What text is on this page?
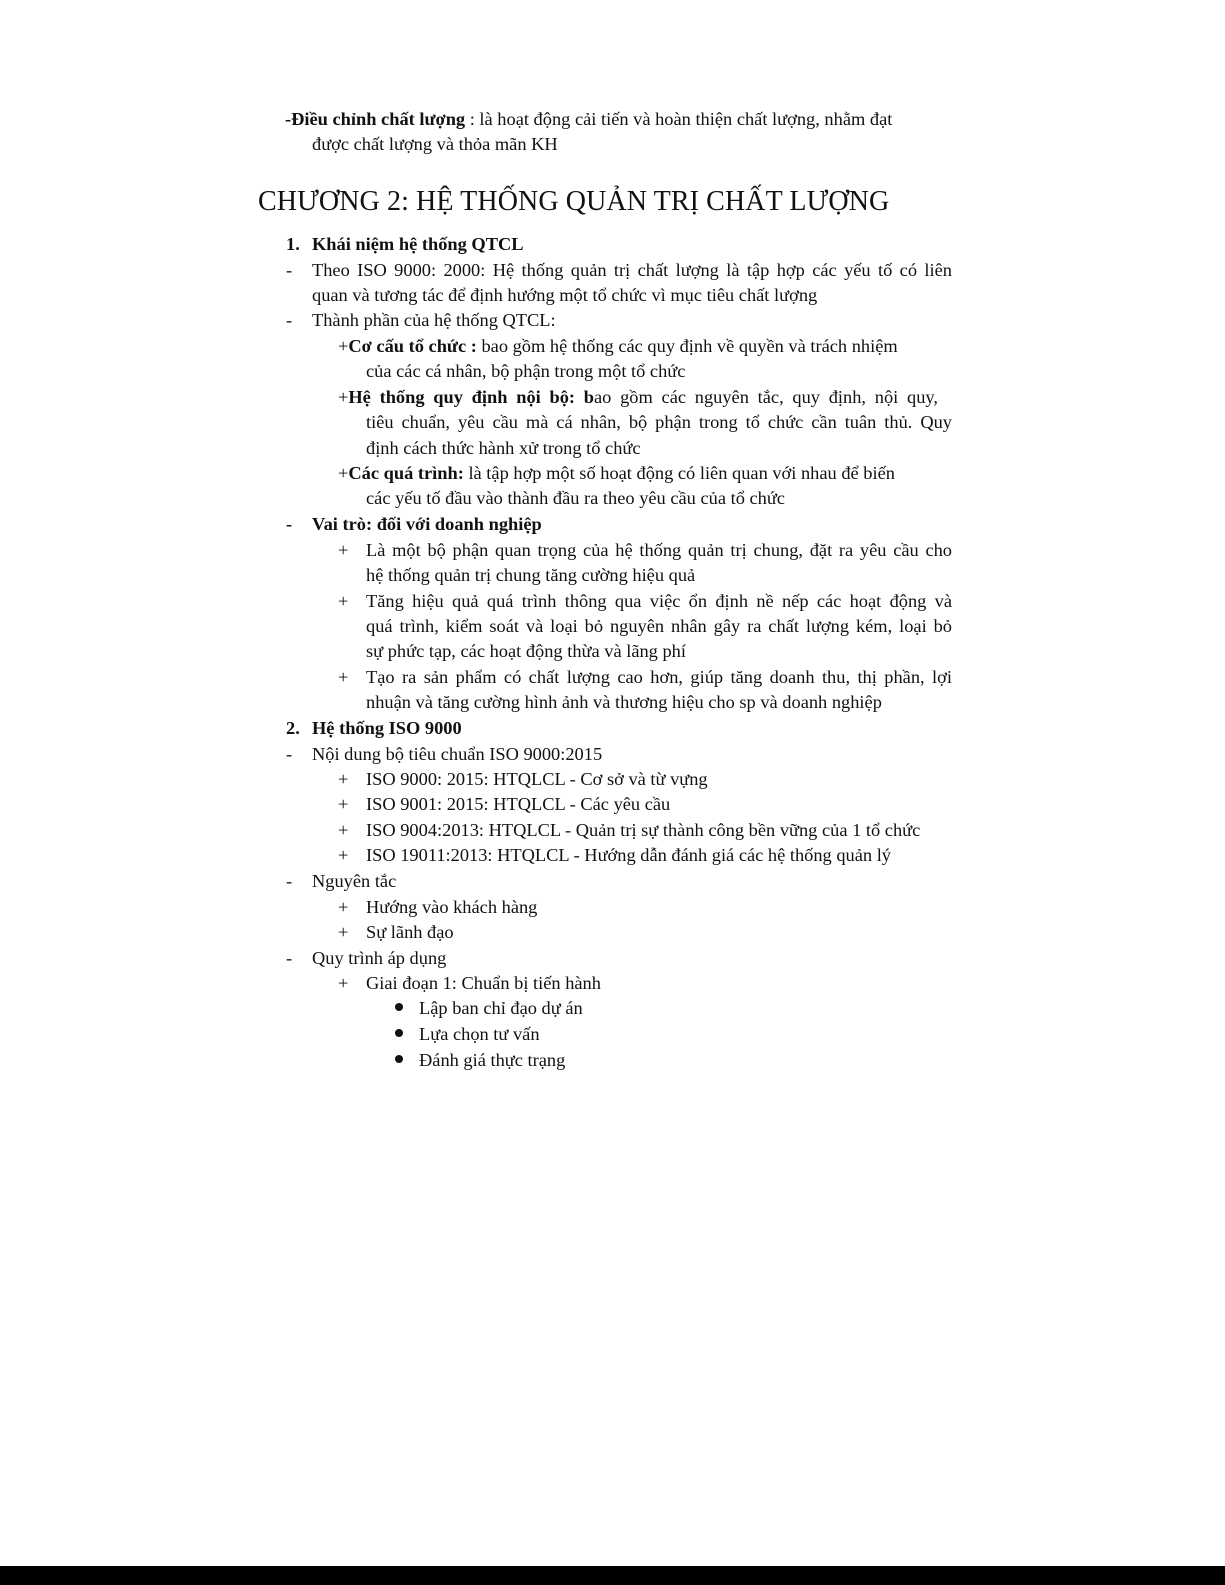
-Điều chỉnh chất lượng : là hoạt động cải tiến và hoàn thiện chất lượng, nhằm đạt
được chất lượng và thỏa mãn KH
CHƯƠNG 2: HỆ THỐNG QUẢN TRỊ CHẤT LƯỢNG
1. Khái niệm hệ thống QTCL
- Theo ISO 9000: 2000: Hệ thống quản trị chất lượng là tập hợp các yếu tố có liên
quan và tương tác để định hướng một tổ chức vì mục tiêu chất lượng
- Thành phần của hệ thống QTCL:
+Cơ cấu tổ chức : bao gồm hệ thống các quy định về quyền và trách nhiệm
của các cá nhân, bộ phận trong một tổ chức
+Hệ thống quy định nội bộ: bao gồm các nguyên tắc, quy định, nội quy,
tiêu chuẩn, yêu cầu mà cá nhân, bộ phận trong tổ chức cần tuân thủ. Quy
định cách thức hành xử trong tổ chức
+Các quá trình: là tập hợp một số hoạt động có liên quan với nhau để biến
các yếu tố đầu vào thành đầu ra theo yêu cầu của tổ chức
- Vai trò: đối với doanh nghiệp
+ Là một bộ phận quan trọng của hệ thống quản trị chung, đặt ra yêu cầu cho
hệ thống quản trị chung tăng cường hiệu quả
+ Tăng hiệu quả quá trình thông qua việc ổn định nề nếp các hoạt động và
quá trình, kiểm soát và loại bỏ nguyên nhân gây ra chất lượng kém, loại bỏ
sự phức tạp, các hoạt động thừa và lãng phí
+ Tạo ra sản phẩm có chất lượng cao hơn, giúp tăng doanh thu, thị phần, lợi
nhuận và tăng cường hình ảnh và thương hiệu cho sp và doanh nghiệp
2. Hệ thống ISO 9000
- Nội dung bộ tiêu chuẩn ISO 9000:2015
+ ISO 9000: 2015: HTQLCL - Cơ sở và từ vựng
+ ISO 9001: 2015: HTQLCL - Các yêu cầu
+ ISO 9004:2013: HTQLCL - Quản trị sự thành công bền vững của 1 tổ chức
+ ISO 19011:2013: HTQLCL - Hướng dẫn đánh giá các hệ thống quản lý
- Nguyên tắc
+ Hướng vào khách hàng
+ Sự lãnh đạo
- Quy trình áp dụng
+ Giai đoạn 1: Chuẩn bị tiến hành
Lập ban chỉ đạo dự án
Lựa chọn tư vấn
Đánh giá thực trạng
